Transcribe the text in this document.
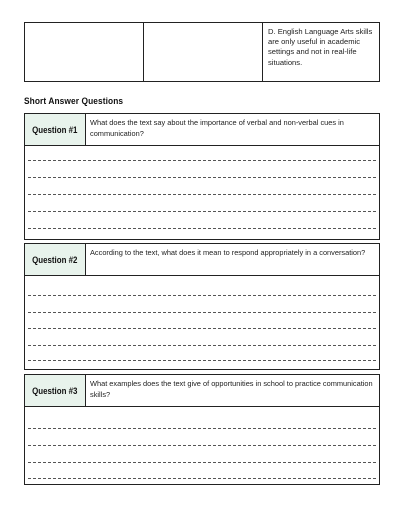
D. English Language Arts skills are only useful in academic settings and not in real-life situations.
Short Answer Questions
Question #1
What does the text say about the importance of verbal and non-verbal cues in communication?
Question #2
According to the text, what does it mean to respond appropriately in a conversation?
Question #3
What examples does the text give of opportunities in school to practice communication skills?
